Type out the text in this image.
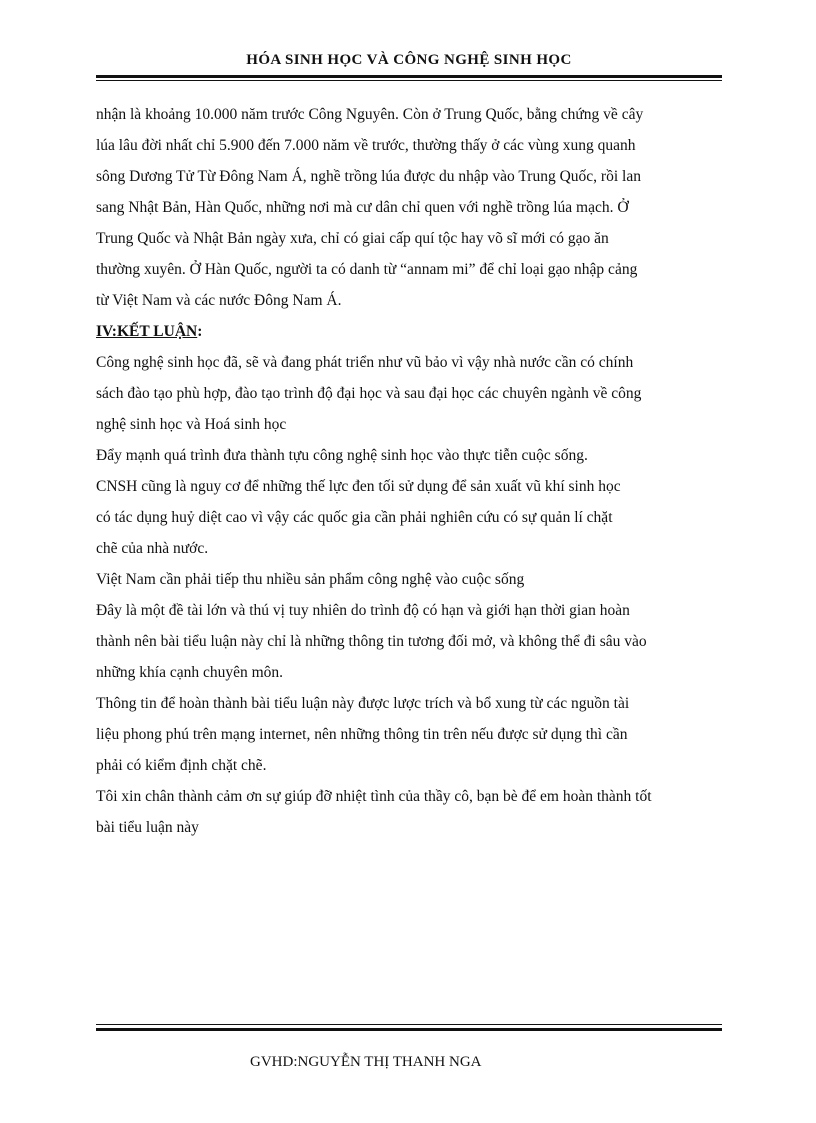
HÓA SINH HỌC VÀ CÔNG NGHỆ SINH HỌC
nhận là khoảng 10.000 năm trước Công Nguyên. Còn ở Trung Quốc, bằng chứng về cây
lúa lâu đời nhất chỉ 5.900 đến 7.000 năm về trước, thường thấy ở các vùng xung quanh
sông Dương Tử Từ Đông Nam Á, nghề trồng lúa được du nhập vào Trung Quốc, rồi lan
sang Nhật Bản, Hàn Quốc, những nơi mà cư dân chỉ quen với nghề trồng lúa mạch. Ở
Trung Quốc và Nhật Bản ngày xưa, chỉ có giai cấp quí tộc hay võ sĩ mới có gạo ăn
thường xuyên. Ở Hàn Quốc, người ta có danh từ “annam mi” để chỉ loại gạo nhập cảng
từ Việt Nam và các nước Đông Nam Á.
IV:KẾT LUẬN:
Công nghệ sinh học đã, sẽ và đang phát triển như vũ bảo vì vậy nhà nước cần có chính
sách đào tạo phù hợp, đào tạo trình độ đại học và sau đại học các chuyên ngành về công
nghệ sinh học và Hoá sinh học
Đẩy mạnh quá trình đưa thành tựu công nghệ sinh học vào thực tiễn cuộc sống.
CNSH cũng là nguy cơ để những thế lực đen tối sử dụng để sản xuất vũ khí sinh học
có tác dụng huỷ diệt cao vì vậy các quốc gia cần phải nghiên cứu có sự quản lí chặt
chẽ của nhà nước.
Việt Nam cần phải tiếp thu nhiều sản phẩm công nghệ vào cuộc sống
Đây là một đề tài lớn và thú vị tuy nhiên do trình độ có hạn và giới hạn thời gian hoàn
thành nên bài tiểu luận này chỉ là những thông tin tương đối mở, và không thể đi sâu vào
những khía cạnh chuyên môn.
Thông tin để hoàn thành bài tiểu luận này được lược trích và bổ xung từ các nguồn tài
liệu phong phú trên mạng internet, nên những thông tin trên nếu được sử dụng thì cần
phải có kiểm định chặt chẽ.
Tôi xin chân thành cảm ơn sự giúp đỡ nhiệt tình của thầy cô, bạn bè để em hoàn thành tốt
bài tiểu luận này
GVHD:NGUYỄN THỊ THANH NGA
